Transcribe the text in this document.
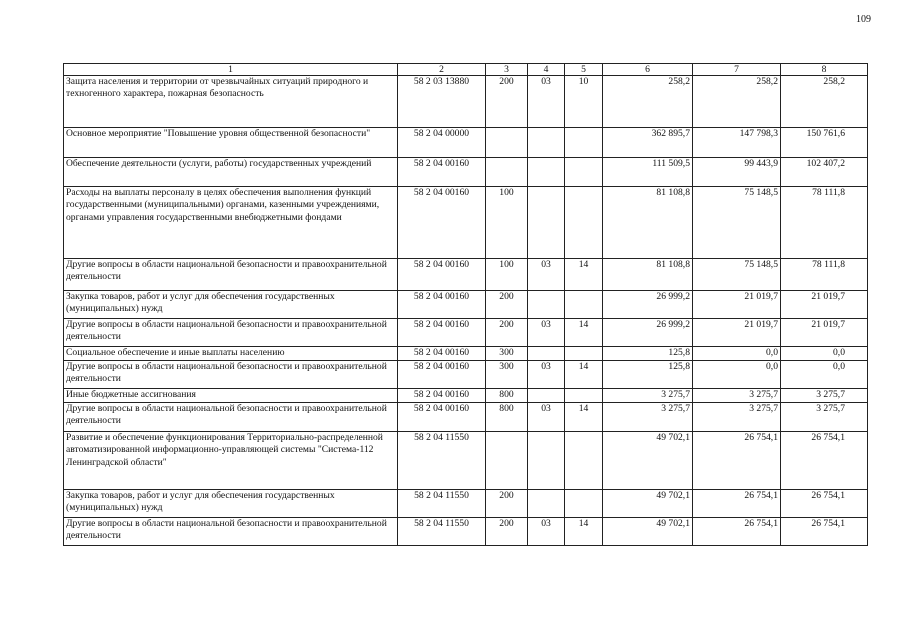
109
1	2	3	4	5	6	7	8
Защита населения и территории от чрезвычайных ситуаций природного и техногенного характера, пожарная безопасность	58 2 03 13880	200	03	10	258,2	258,2	258,2
Основное мероприятие "Повышение уровня общественной безопасности"	58 2 04 00000				362 895,7	147 798,3	150 761,6
Обеспечение деятельности (услуги, работы) государственных учреждений	58 2 04 00160				111 509,5	99 443,9	102 407,2
Расходы на выплаты персоналу в целях обеспечения выполнения функций государственными (муниципальными) органами, казенными учреждениями, органами управления государственными внебюджетными фондами	58 2 04 00160	100			81 108,8	75 148,5	78 111,8
Другие вопросы в области национальной безопасности и правоохранительной деятельности	58 2 04 00160	100	03	14	81 108,8	75 148,5	78 111,8
Закупка товаров, работ и услуг для обеспечения государственных (муниципальных) нужд	58 2 04 00160	200			26 999,2	21 019,7	21 019,7
Другие вопросы в области национальной безопасности и правоохранительной деятельности	58 2 04 00160	200	03	14	26 999,2	21 019,7	21 019,7
Социальное обеспечение и иные выплаты населению	58 2 04 00160	300			125,8	0,0	0,0
Другие вопросы в области национальной безопасности и правоохранительной деятельности	58 2 04 00160	300	03	14	125,8	0,0	0,0
Иные бюджетные ассигнования	58 2 04 00160	800			3 275,7	3 275,7	3 275,7
Другие вопросы в области национальной безопасности и правоохранительной деятельности	58 2 04 00160	800	03	14	3 275,7	3 275,7	3 275,7
Развитие и обеспечение функционирования Территориально-распределенной автоматизированной информационно-управляющей системы "Система-112 Ленинградской области"	58 2 04 11550				49 702,1	26 754,1	26 754,1
Закупка товаров, работ и услуг для обеспечения государственных (муниципальных) нужд	58 2 04 11550	200			49 702,1	26 754,1	26 754,1
Другие вопросы в области национальной безопасности и правоохранительной деятельности	58 2 04 11550	200	03	14	49 702,1	26 754,1	26 754,1
